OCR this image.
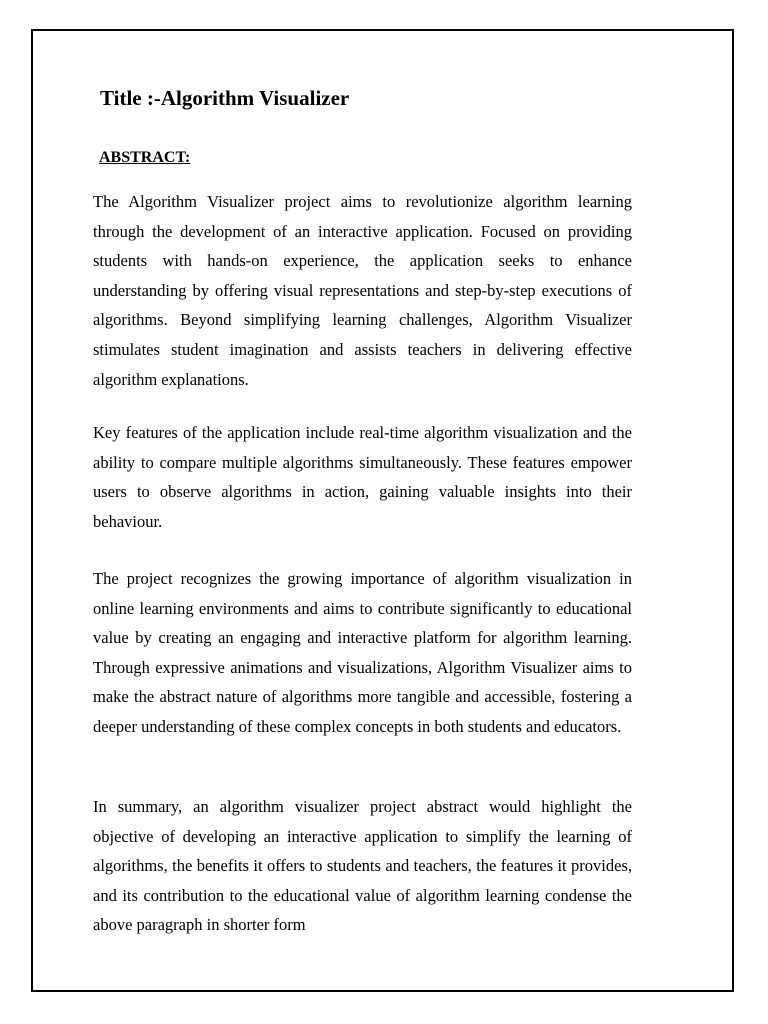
Title :-Algorithm Visualizer
ABSTRACT:

The Algorithm Visualizer project aims to revolutionize algorithm learning through the development of an interactive application. Focused on providing students with hands-on experience, the application seeks to enhance understanding by offering visual representations and step-by-step executions of algorithms. Beyond simplifying learning challenges, Algorithm Visualizer stimulates student imagination and assists teachers in delivering effective algorithm explanations.

Key features of the application include real-time algorithm visualization and the ability to compare multiple algorithms simultaneously. These features empower users to observe algorithms in action, gaining valuable insights into their behaviour.

The project recognizes the growing importance of algorithm visualization in online learning environments and aims to contribute significantly to educational value by creating an engaging and interactive platform for algorithm learning. Through expressive animations and visualizations, Algorithm Visualizer aims to make the abstract nature of algorithms more tangible and accessible, fostering a deeper understanding of these complex concepts in both students and educators.

In summary, an algorithm visualizer project abstract would highlight the objective of developing an interactive application to simplify the learning of algorithms, the benefits it offers to students and teachers, the features it provides, and its contribution to the educational value of algorithm learning condense the above paragraph in shorter form
